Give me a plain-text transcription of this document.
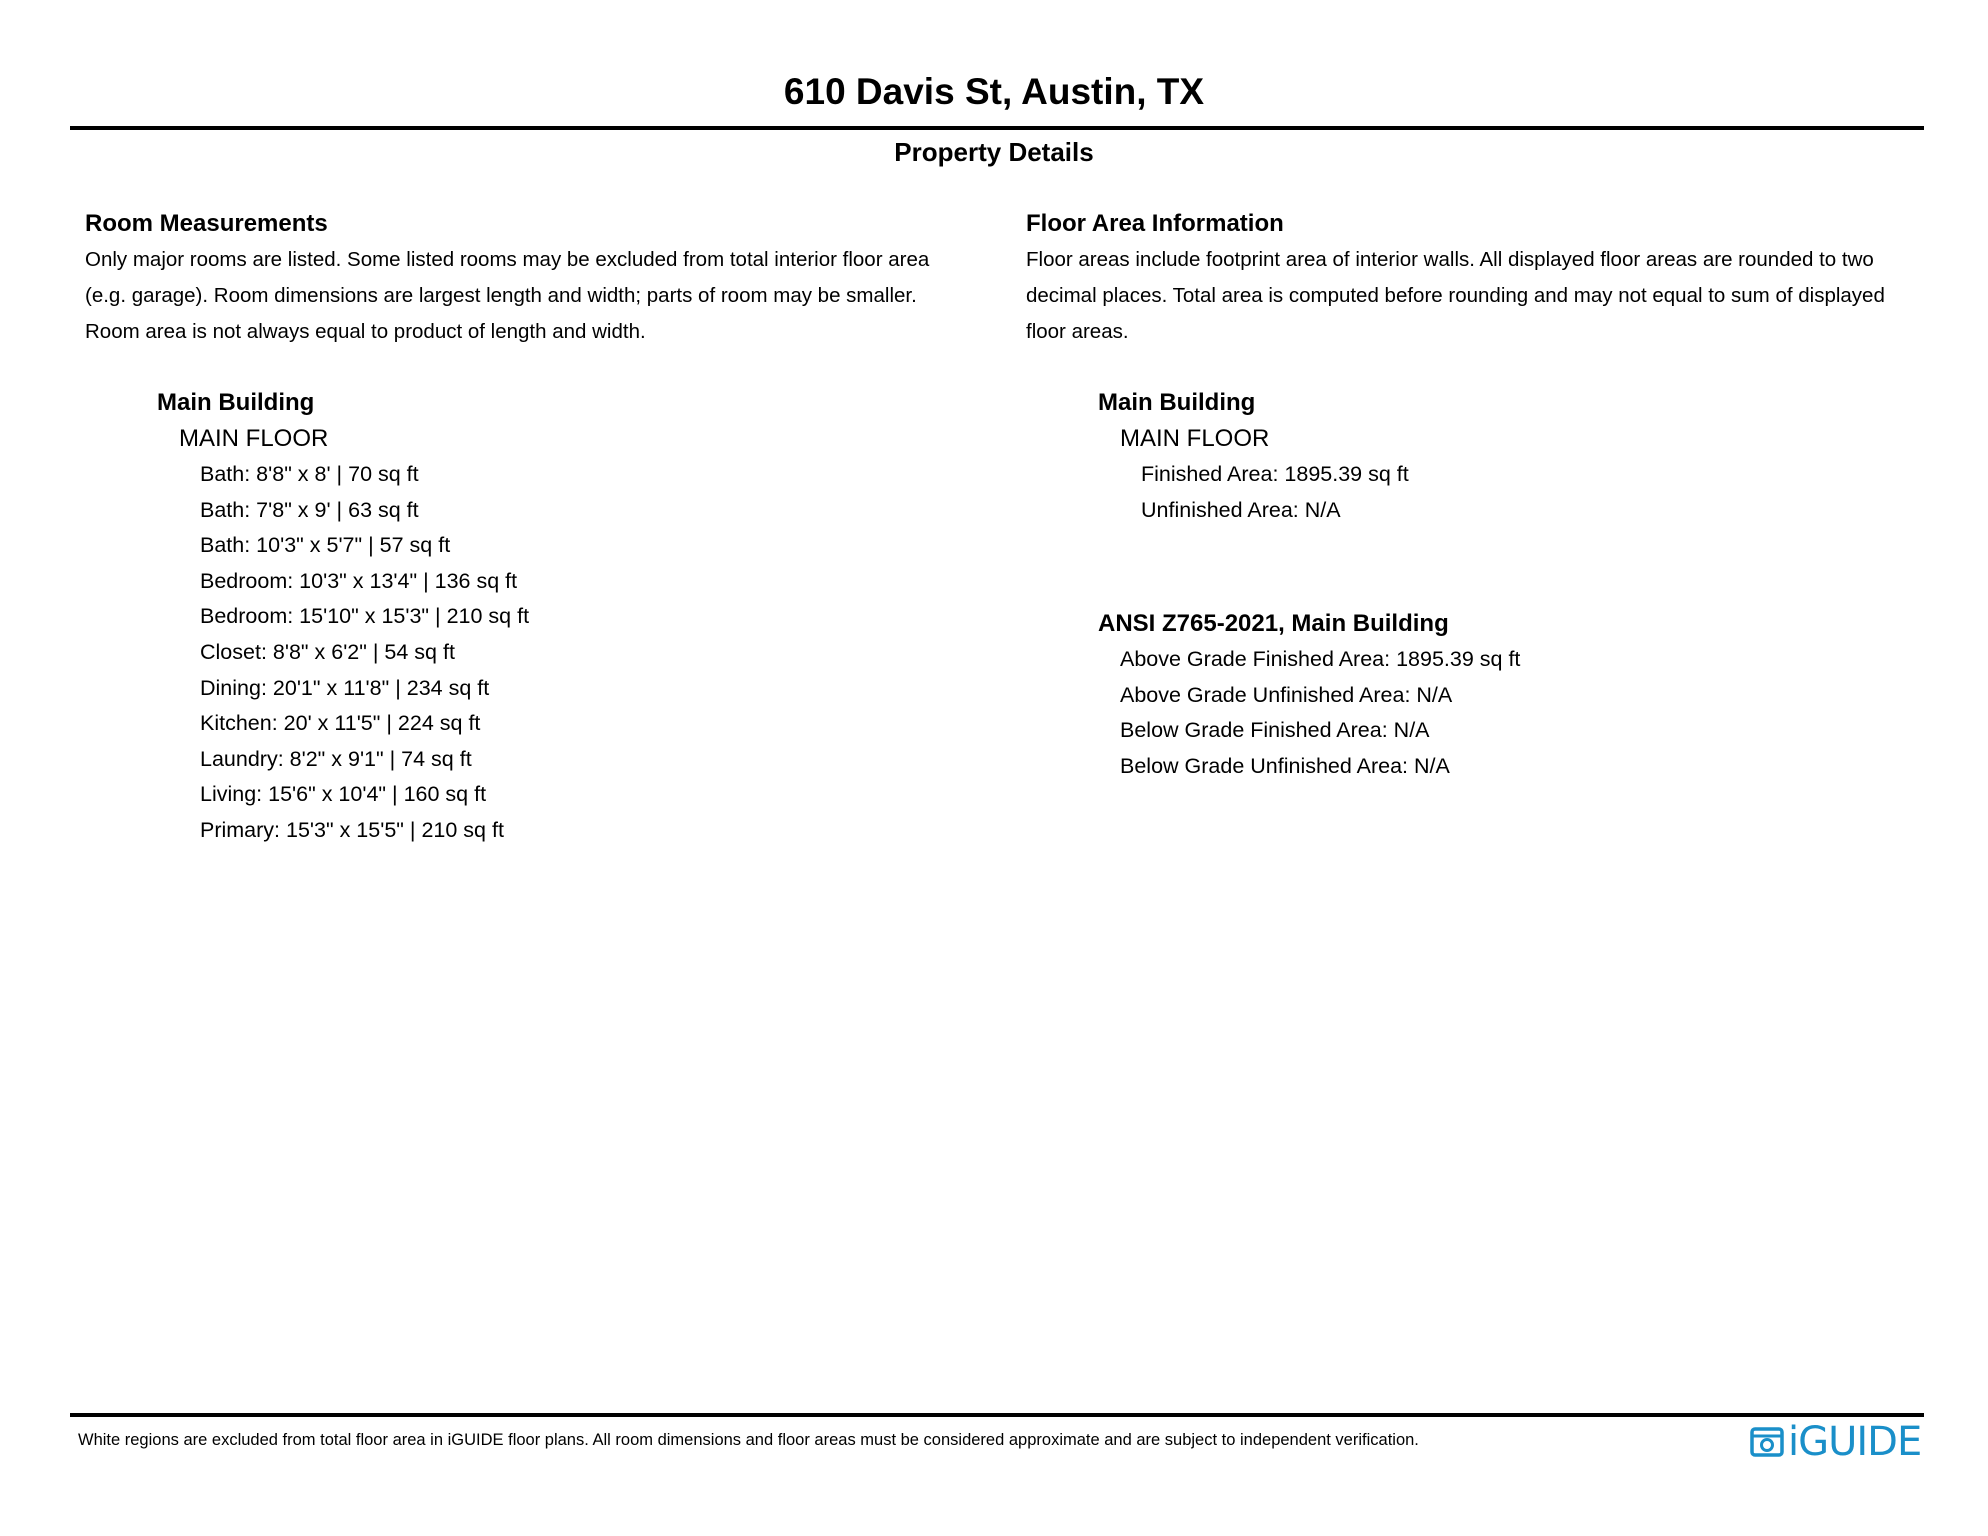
610 Davis St, Austin, TX
Property Details
Room Measurements
Only major rooms are listed. Some listed rooms may be excluded from total interior floor area
(e.g. garage). Room dimensions are largest length and width; parts of room may be smaller.
Room area is not always equal to product of length and width.
Main Building
MAIN FLOOR
Bath: 8'8" x 8' | 70 sq ft
Bath: 7'8" x 9' | 63 sq ft
Bath: 10'3" x 5'7" | 57 sq ft
Bedroom: 10'3" x 13'4" | 136 sq ft
Bedroom: 15'10" x 15'3" | 210 sq ft
Closet: 8'8" x 6'2" | 54 sq ft
Dining: 20'1" x 11'8" | 234 sq ft
Kitchen: 20' x 11'5" | 224 sq ft
Laundry: 8'2" x 9'1" | 74 sq ft
Living: 15'6" x 10'4" | 160 sq ft
Primary: 15'3" x 15'5" | 210 sq ft
Floor Area Information
Floor areas include footprint area of interior walls. All displayed floor areas are rounded to two
decimal places. Total area is computed before rounding and may not equal to sum of displayed
floor areas.
Main Building
MAIN FLOOR
Finished Area: 1895.39 sq ft
Unfinished Area: N/A
ANSI Z765-2021, Main Building
Above Grade Finished Area: 1895.39 sq ft
Above Grade Unfinished Area: N/A
Below Grade Finished Area: N/A
Below Grade Unfinished Area: N/A
White regions are excluded from total floor area in iGUIDE floor plans. All room dimensions and floor areas must be considered approximate and are subject to independent verification.	iGUIDE
